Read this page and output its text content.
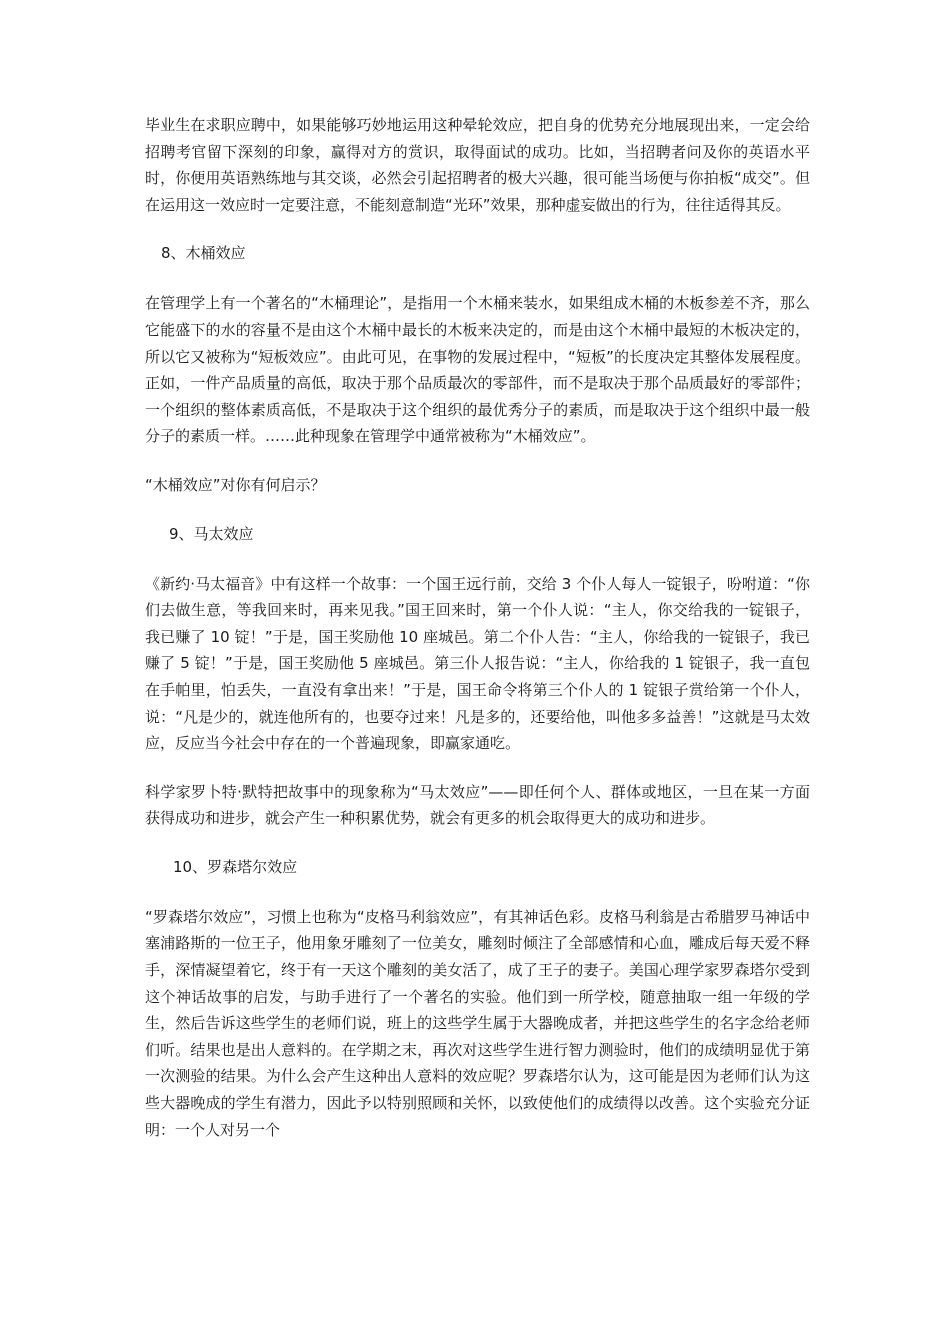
毕业生在求职应聘中，如果能够巧妙地运用这种晕轮效应，把自身的优势充分地展现出来，一定会给招聘考官留下深刻的印象，赢得对方的赏识，取得面试的成功。比如，当招聘者问及你的英语水平时，你便用英语熟练地与其交谈，必然会引起招聘者的极大兴趣，很可能当场便与你拍板“成交”。但在运用这一效应时一定要注意，不能刻意制造“光环”效果，那种虚妄做出的行为，往往适得其反。

8、木桶效应

在管理学上有一个著名的“木桶理论”，是指用一个木桶来装水，如果组成木桶的木板参差不齐，那么它能盛下的水的容量不是由这个木桶中最长的木板来决定的，而是由这个木桶中最短的木板决定的，所以它又被称为“短板效应”。由此可见，在事物的发展过程中，“短板”的长度决定其整体发展程度。正如，一件产品质量的高低，取决于那个品质最次的零部件，而不是取决于那个品质最好的零部件；一个组织的整体素质高低，不是取决于这个组织的最优秀分子的素质，而是取决于这个组织中最一般分子的素质一样。……此种现象在管理学中通常被称为“木桶效应”。

“木桶效应”对你有何启示？

9、马太效应

《新约·马太福音》中有这样一个故事：一个国王远行前，交给 3 个仆人每人一锭银子，吩咐道：“你们去做生意，等我回来时，再来见我。”国王回来时，第一个仆人说：“主人，你交给我的一锭银子，我已赚了 10 锭！”于是，国王奖励他 10 座城邑。第二个仆人告：“主人，你给我的一锭银子，我已赚了 5 锭！”于是，国王奖励他 5 座城邑。第三仆人报告说：“主人，你给我的 1 锭银子，我一直包在手帕里，怕丢失，一直没有拿出来！”于是，国王命令将第三个仆人的 1 锭银子赏给第一个仆人，说：“凡是少的，就连他所有的，也要夺过来！凡是多的，还要给他，叫他多多益善！”这就是马太效应，反应当今社会中存在的一个普遍现象，即赢家通吃。

科学家罗卜特·默特把故事中的现象称为“马太效应”——即任何个人、群体或地区，一旦在某一方面获得成功和进步，就会产生一种积累优势，就会有更多的机会取得更大的成功和进步。

10、罗森塔尔效应

“罗森塔尔效应”，习惯上也称为“皮格马利翁效应”，有其神话色彩。皮格马利翁是古希腊罗马神话中塞浦路斯的一位王子，他用象牙雕刻了一位美女，雕刻时倾注了全部感情和心血，雕成后每天爱不释手，深情凝望着它，终于有一天这个雕刻的美女活了，成了王子的妻子。美国心理学家罗森塔尔受到这个神话故事的启发，与助手进行了一个著名的实验。他们到一所学校，随意抽取一组一年级的学生，然后告诉这些学生的老师们说，班上的这些学生属于大器晚成者，并把这些学生的名字念给老师们听。结果也是出人意料的。在学期之末，再次对这些学生进行智力测验时，他们的成绩明显优于第一次测验的结果。为什么会产生这种出人意料的效应呢？罗森塔尔认为，这可能是因为老师们认为这些大器晚成的学生有潜力，因此予以特别照顾和关怀，以致使他们的成绩得以改善。这个实验充分证明：一个人对另一个
